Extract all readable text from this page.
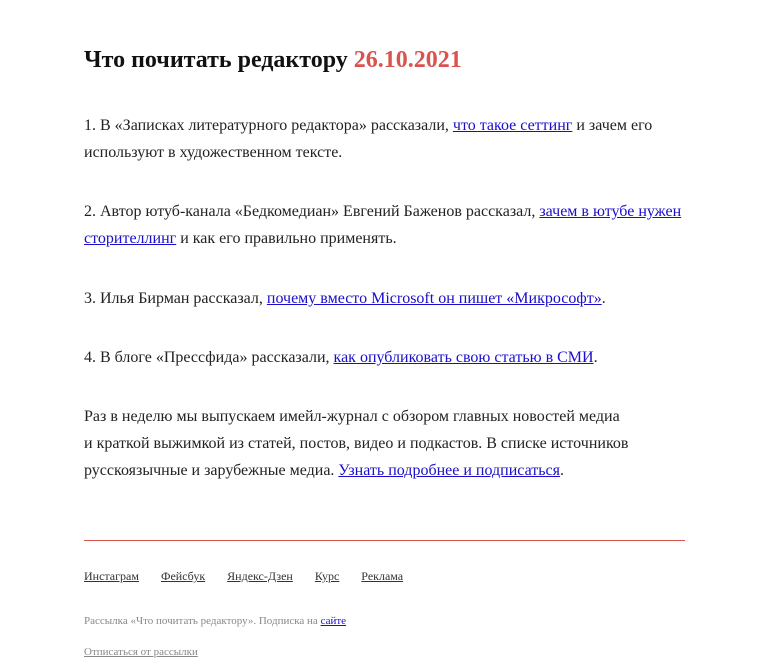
Что почитать редактору 26.10.2021

1. В «Записках литературного редактора» рассказали, что такое сеттинг и зачем его используют в художественном тексте.

2. Автор ютуб-канала «Бедкомедиан» Евгений Баженов рассказал, зачем в ютубе нужен сторителлинг и как его правильно применять.

3. Илья Бирман рассказал, почему вместо Microsoft он пишет «Микрософт».

4. В блоге «Прессфида» рассказали, как опубликовать свою статью в СМИ.

Раз в неделю мы выпускаем имейл-журнал с обзором главных новостей медиа
и краткой выжимкой из статей, постов, видео и подкастов. В списке источников
русскоязычные и зарубежные медиа. Узнать подробнее и подписаться.

Инстаграм Фейсбук Яндекс-Дзен Курс Реклама
Рассылка «Что почитать редактору». Подписка на сайте
Отписаться от рассылки
